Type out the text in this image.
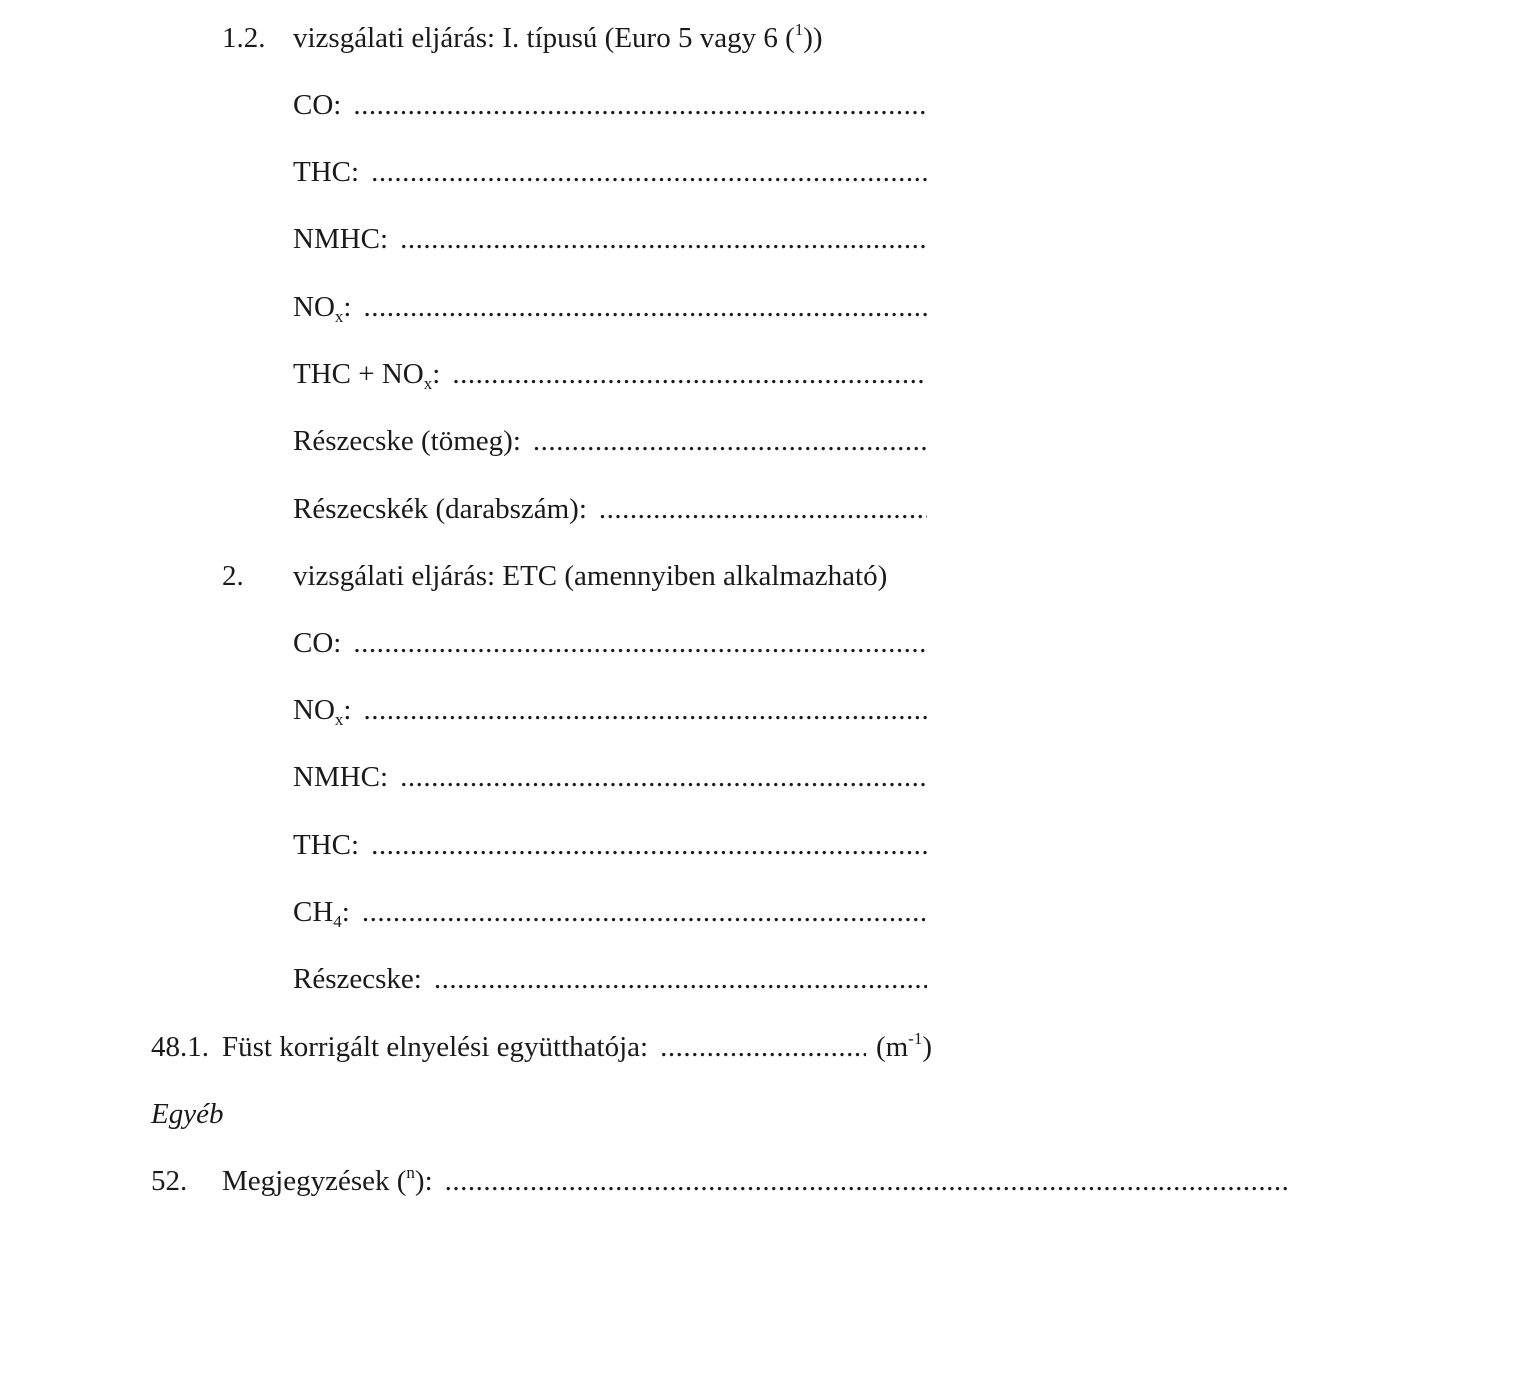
1.2. vizsgálati eljárás: I. típusú (Euro 5 vagy 6 ($^1$))
CO:
.....
THC:
.....
NMHC:
.....
$NO_x$:
.....
THC + $NO_x$:
.....
Részecske (tömeg):
.....
Részecskék (darabszám):
.....
2. vizsgálati eljárás: ETC (amennyiben alkalmazható)
CO:
.....
$NO_x$:
.....
NMHC:
.....
THC:
.....
$CH_4$:
.....
Részecske:
.....
48.1. Füst korrigált elnyelési együtthatója:
.....	$(m^{-1})$
Egyéb
52. Megjegyzések ($^n$):
.....
